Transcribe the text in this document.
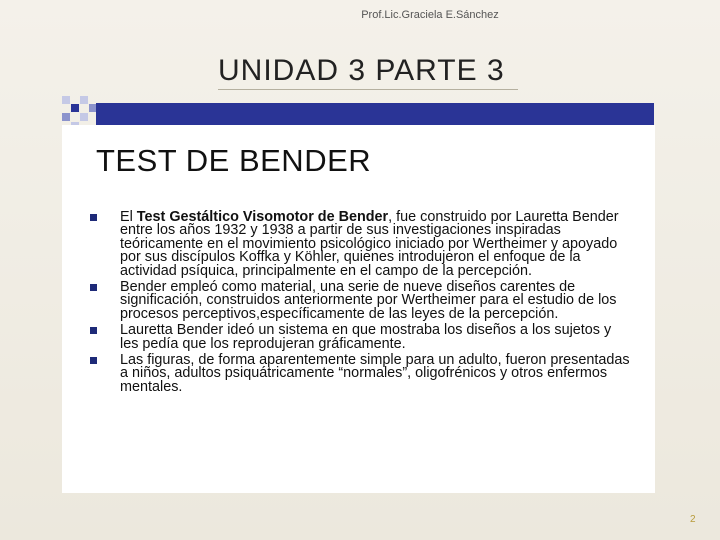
Prof.Lic.Graciela E.Sánchez
UNIDAD 3 PARTE 3
TEST DE BENDER
El Test Gestáltico Visomotor de Bender, fue construido por Lauretta Bender entre los años 1932 y 1938 a partir de sus investigaciones inspiradas teóricamente en el movimiento psicológico iniciado por Wertheimer y apoyado por sus discípulos Koffka y Köhler, quienes introdujeron el enfoque de la actividad psíquica, principalmente en el campo de la percepción.
Bender empleó como material, una serie de nueve diseños carentes de significación, construidos anteriormente por Wertheimer para el estudio de los procesos perceptivos,específicamente de las leyes de la percepción.
Lauretta Bender ideó un sistema en que mostraba los diseños a los sujetos y les pedía que los reprodujeran gráficamente.
Las figuras, de forma aparentemente simple para un adulto, fueron presentadas a niños, adultos psiquátricamente “normales”, oligofrénicos y otros enfermos mentales.
2
